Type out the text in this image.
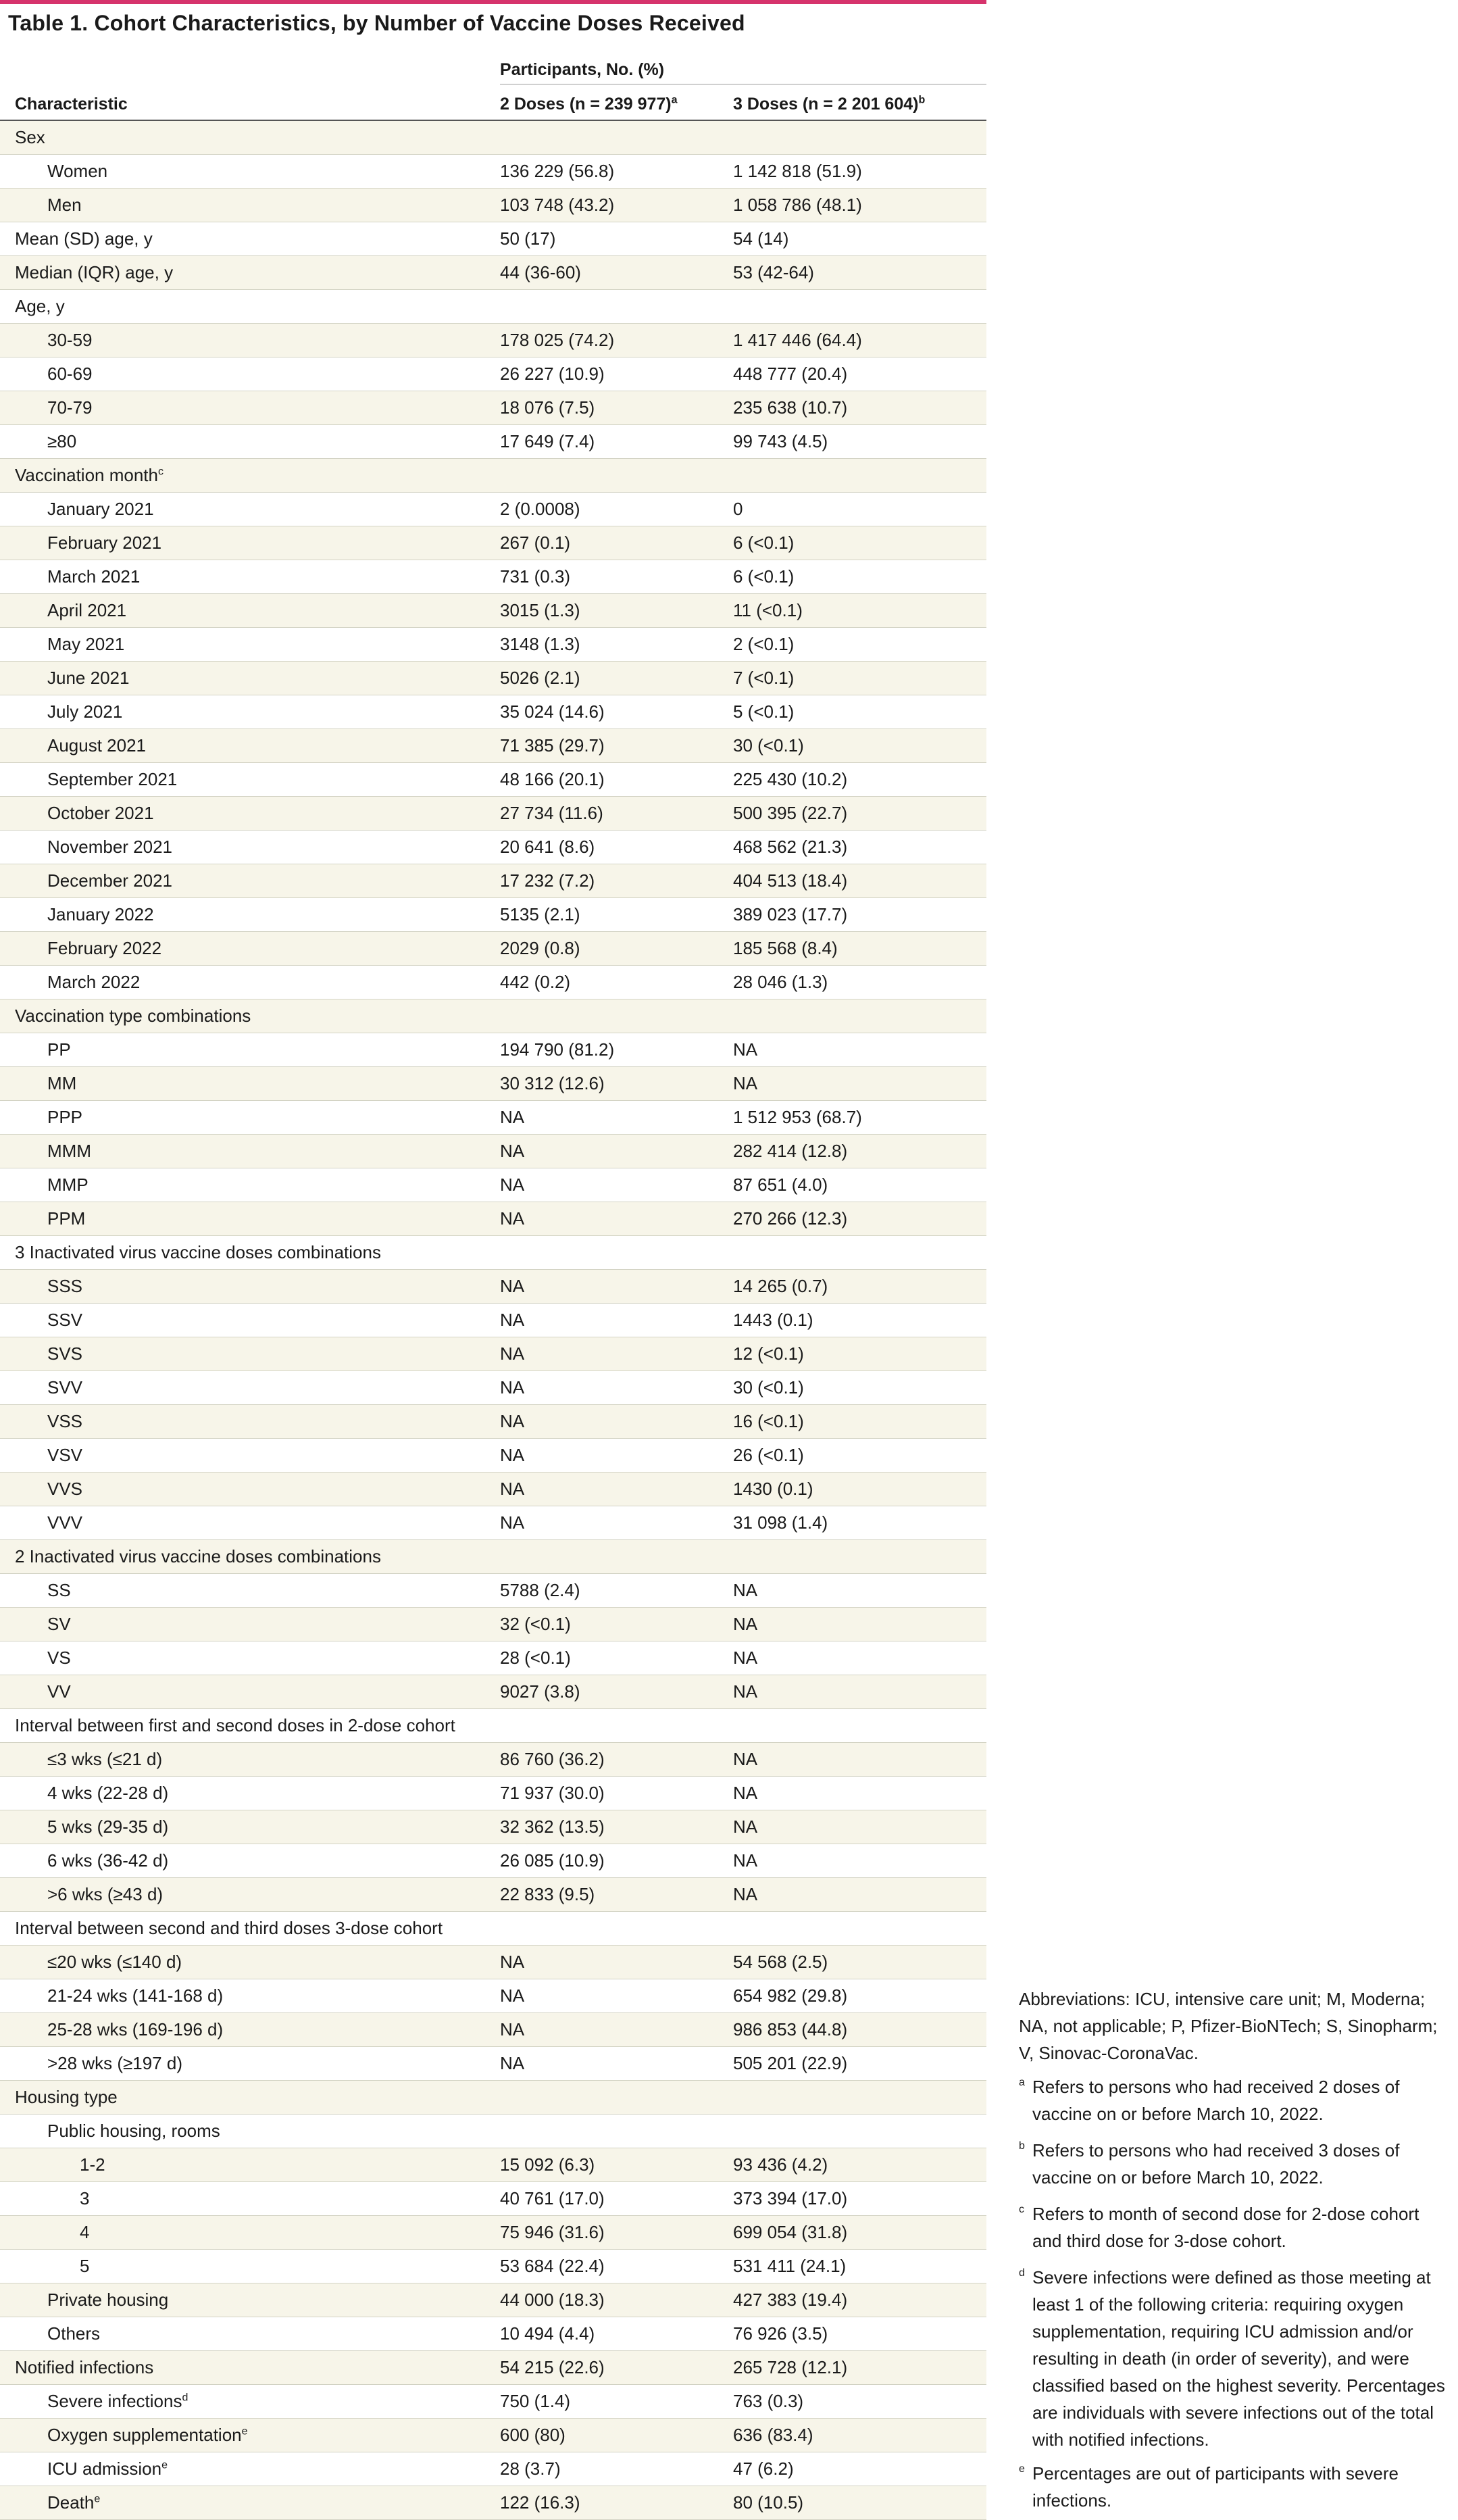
Table 1. Cohort Characteristics, by Number of Vaccine Doses Received
	Participants, No. (%)	
Characteristic	2 Doses (n = 239 977)$^a$	3 Doses (n = 2 201 604)$^b$
Sex		
Women	136 229 (56.8)	1 142 818 (51.9)
Men	103 748 (43.2)	1 058 786 (48.1)
Mean (SD) age, y	50 (17)	54 (14)
Median (IQR) age, y	44 (36-60)	53 (42-64)
Age, y		
30-59	178 025 (74.2)	1 417 446 (64.4)
60-69	26 227 (10.9)	448 777 (20.4)
70-79	18 076 (7.5)	235 638 (10.7)
≥80	17 649 (7.4)	99 743 (4.5)
Vaccination month$^c$		
January 2021	2 (0.0008)	0
February 2021	267 (0.1)	6 (<0.1)
March 2021	731 (0.3)	6 (<0.1)
April 2021	3015 (1.3)	11 (<0.1)
May 2021	3148 (1.3)	2 (<0.1)
June 2021	5026 (2.1)	7 (<0.1)
July 2021	35 024 (14.6)	5 (<0.1)
August 2021	71 385 (29.7)	30 (<0.1)
September 2021	48 166 (20.1)	225 430 (10.2)
October 2021	27 734 (11.6)	500 395 (22.7)
November 2021	20 641 (8.6)	468 562 (21.3)
December 2021	17 232 (7.2)	404 513 (18.4)
January 2022	5135 (2.1)	389 023 (17.7)
February 2022	2029 (0.8)	185 568 (8.4)
March 2022	442 (0.2)	28 046 (1.3)
Vaccination type combinations		
PP	194 790 (81.2)	NA
MM	30 312 (12.6)	NA
PPP	NA	1 512 953 (68.7)
MMM	NA	282 414 (12.8)
MMP	NA	87 651 (4.0)
PPM	NA	270 266 (12.3)
3 Inactivated virus vaccine doses combinations		
SSS	NA	14 265 (0.7)
SSV	NA	1443 (0.1)
SVS	NA	12 (<0.1)
SVV	NA	30 (<0.1)
VSS	NA	16 (<0.1)
VSV	NA	26 (<0.1)
VVS	NA	1430 (0.1)
VVV	NA	31 098 (1.4)
2 Inactivated virus vaccine doses combinations		
SS	5788 (2.4)	NA
SV	32 (<0.1)	NA
VS	28 (<0.1)	NA
VV	9027 (3.8)	NA
Interval between first and second doses in 2-dose cohort		
≤3 wks (≤21 d)	86 760 (36.2)	NA
4 wks (22-28 d)	71 937 (30.0)	NA
5 wks (29-35 d)	32 362 (13.5)	NA
6 wks (36-42 d)	26 085 (10.9)	NA
>6 wks (≥43 d)	22 833 (9.5)	NA
Interval between second and third doses 3-dose cohort		
≤20 wks (≤140 d)	NA	54 568 (2.5)
21-24 wks (141-168 d)	NA	654 982 (29.8)
25-28 wks (169-196 d)	NA	986 853 (44.8)
>28 wks (≥197 d)	NA	505 201 (22.9)
Housing type		
Public housing, rooms		
1-2	15 092 (6.3)	93 436 (4.2)
3	40 761 (17.0)	373 394 (17.0)
4	75 946 (31.6)	699 054 (31.8)
5	53 684 (22.4)	531 411 (24.1)
Private housing	44 000 (18.3)	427 383 (19.4)
Others	10 494 (4.4)	76 926 (3.5)
Notified infections	54 215 (22.6)	265 728 (12.1)
Severe infections$^d$	750 (1.4)	763 (0.3)
Oxygen supplementation$^e$	600 (80)	636 (83.4)
ICU admission$^e$	28 (3.7)	47 (6.2)
Death$^e$	122 (16.3)	80 (10.5)
Abbreviations: ICU, intensive care unit; M, Moderna; NA, not applicable; P, Pfizer-BioNTech; S, Sinopharm; V, Sinovac-CoronaVac.
a Refers to persons who had received 2 doses of vaccine on or before March 10, 2022.
b Refers to persons who had received 3 doses of vaccine on or before March 10, 2022.
c Refers to month of second dose for 2-dose cohort and third dose for 3-dose cohort.
d Severe infections were defined as those meeting at least 1 of the following criteria: requiring oxygen supplementation, requiring ICU admission and/or resulting in death (in order of severity), and were classified based on the highest severity. Percentages are individuals with severe infections out of the total with notified infections.
e Percentages are out of participants with severe infections.
